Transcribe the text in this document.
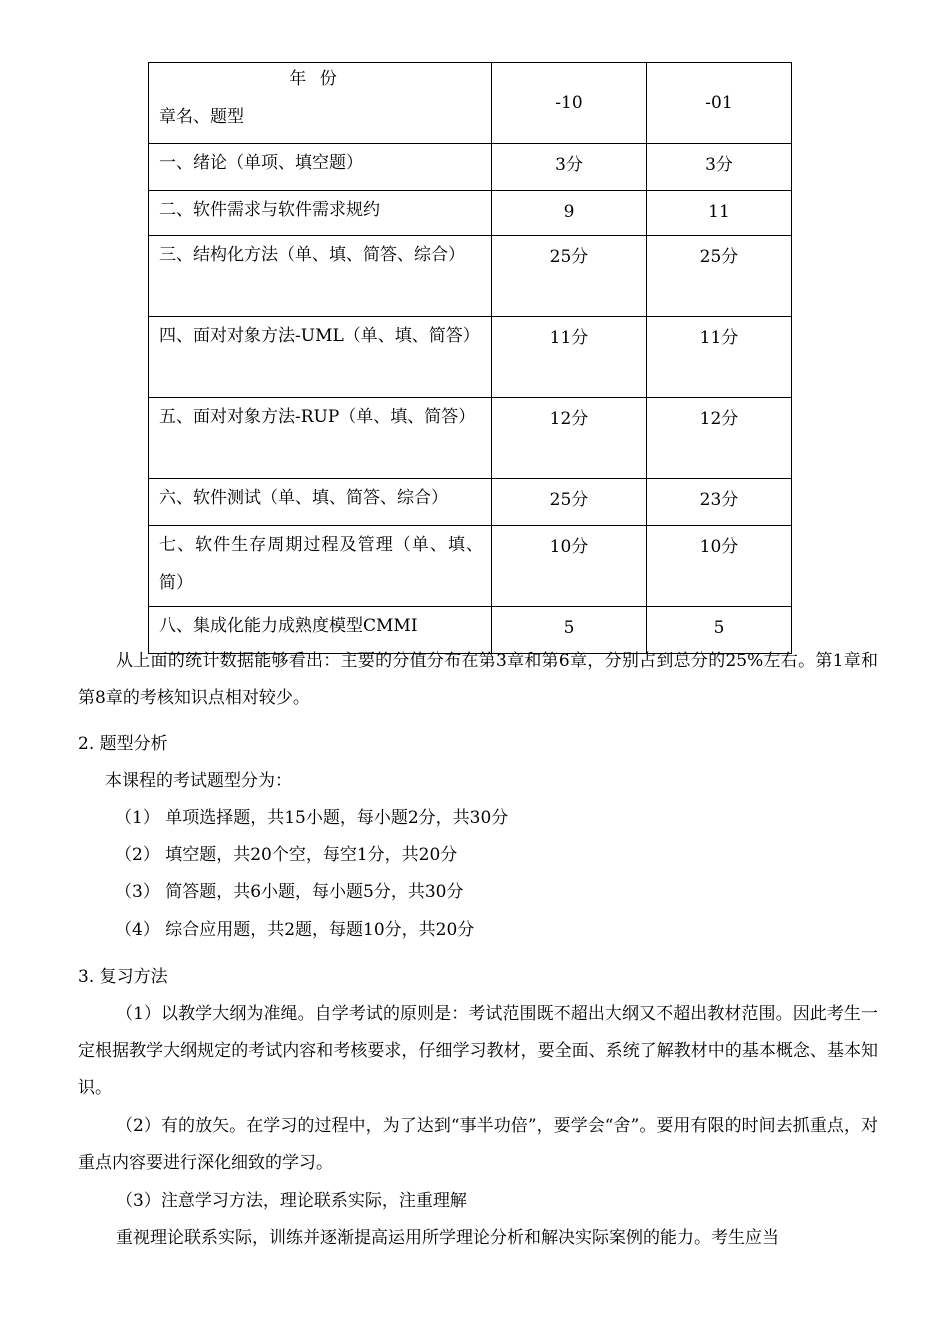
年 份
章名、题型	-10	-01
一、绪论（单项、填空题）	3分	3分
二、软件需求与软件需求规约	9	11
三、结构化方法（单、填、简答、综合）	25分	25分
四、面对对象方法-UML（单、填、简答）	11分	11分
五、面对对象方法-RUP（单、填、简答）	12分	12分
六、软件测试（单、填、简答、综合）	25分	23分
七、软件生存周期过程及管理（单、填、简）	10分	10分
八、集成化能力成熟度模型CMMI	5	5
从上面的统计数据能够看出：主要的分值分布在第3章和第6章，分别占到总分的25%左右。第1章和第8章的考核知识点相对较少。
2. 题型分析
本课程的考试题型分为：
（1） 单项选择题，共15小题，每小题2分，共30分
（2） 填空题，共20个空，每空1分，共20分
（3） 简答题，共6小题，每小题5分，共30分
（4） 综合应用题，共2题，每题10分，共20分
3. 复习方法
（1）以教学大纲为准绳。自学考试的原则是：考试范围既不超出大纲又不超出教材范围。因此考生一定根据教学大纲规定的考试内容和考核要求，仔细学习教材，要全面、系统了解教材中的基本概念、基本知识。
（2）有的放矢。在学习的过程中，为了达到“事半功倍”，要学会“舍”。要用有限的时间去抓重点，对重点内容要进行深化细致的学习。
（3）注意学习方法，理论联系实际，注重理解
重视理论联系实际，训练并逐渐提高运用所学理论分析和解决实际案例的能力。考生应当
